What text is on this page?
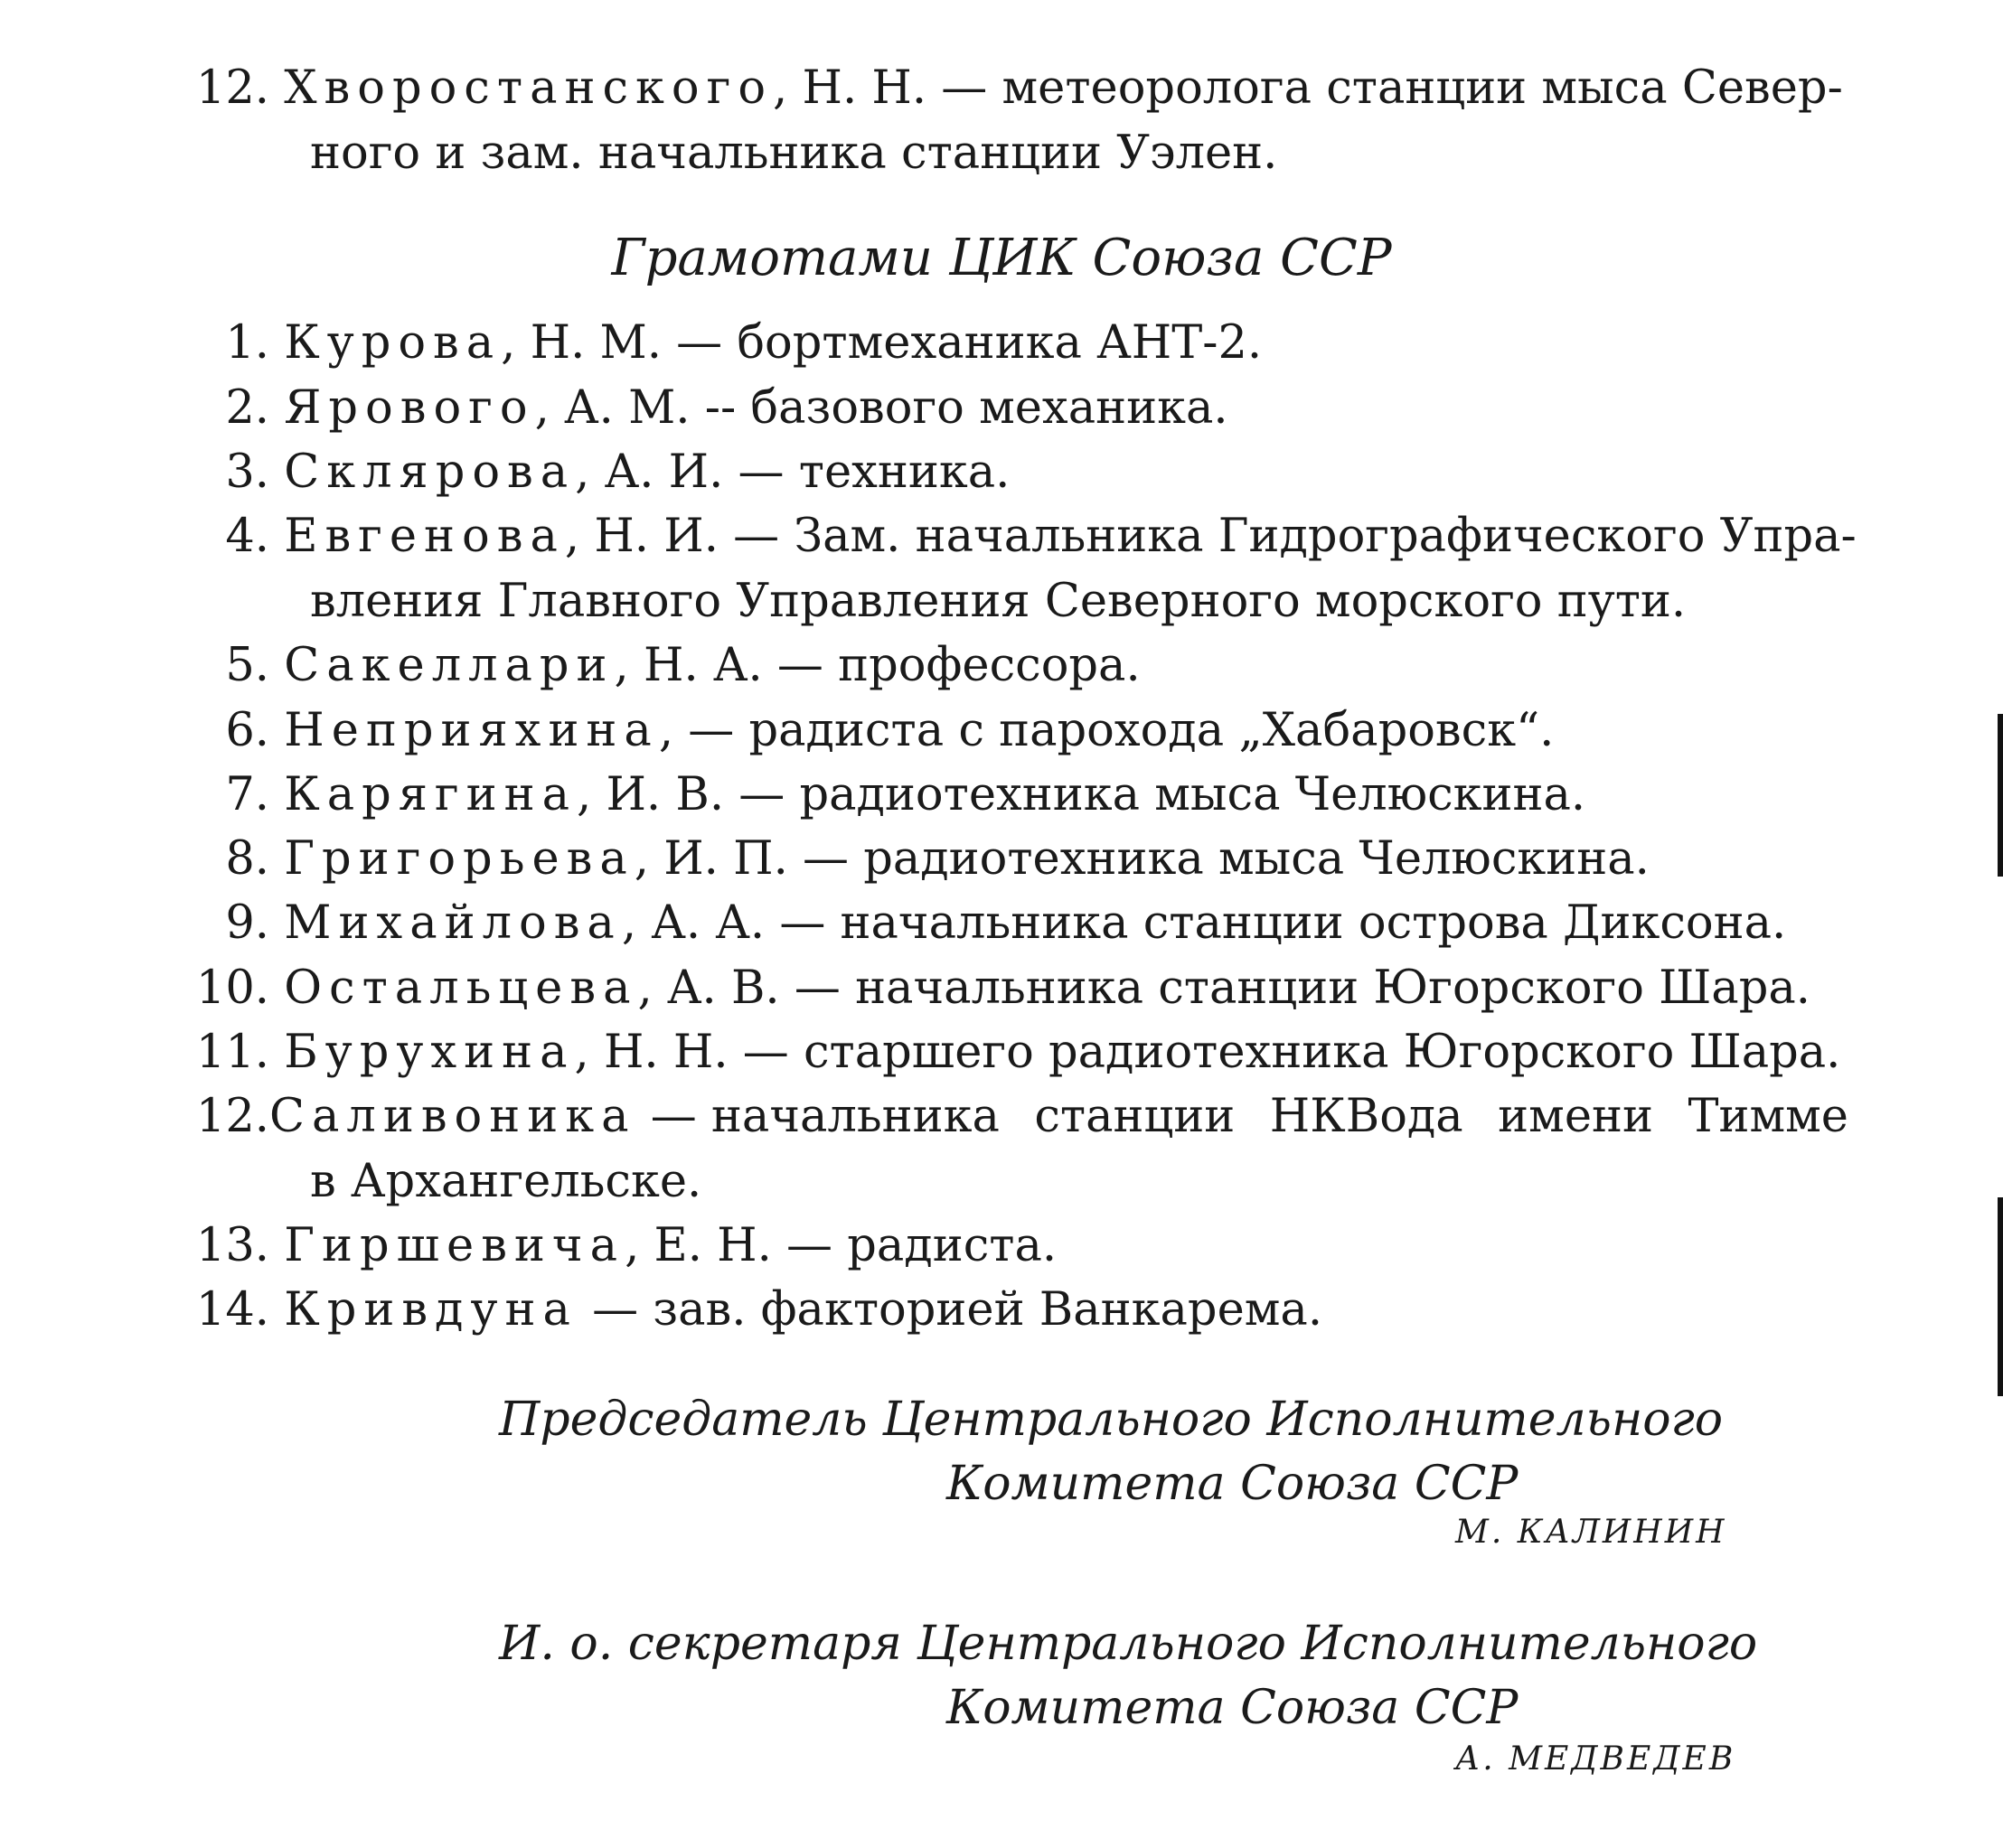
12. Хворостанского, Н. Н. — метеоролога станции мыса Север-
ного и зам. начальника станции Уэлен.
Грамотами ЦИК Союза ССР
1. Курова, Н. М. — бортмеханика АНТ-2.
2. Ярового, А. М. -- базового механика.
3. Склярова, А. И. — техника.
4. Евгенова, Н. И. — Зам. начальника Гидрографического Упра-
вления Главного Управления Северного морского пути.
5. Сакеллари, Н. А. — профессора.
6. Неприяхина, — радиста с парохода „Хабаровск“.
7. Карягина, И. В. — радиотехника мыса Челюскина.
8. Григорьева, И. П. — радиотехника мыса Челюскина.
9. Михайлова, А. А. — начальника станции острова Диксона.
10. Остальцева, А. В. — начальника станции Югорского Шара.
11. Бурухина, Н. Н. — старшего радиотехника Югорского Шара.
12.Саливоника — начальника станции НКВода имени Тимме
в Архангельске.
13. Гиршевича, Е. Н. — радиста.
14. Кривдуна — зав. факторией Ванкарема.
Председатель Центрального Исполнительного
Комитета Союза ССР
М. КАЛИНИН
И. о. секретаря Центрального Исполнительного
Комитета Союза ССР
А. МЕДВЕДЕВ
